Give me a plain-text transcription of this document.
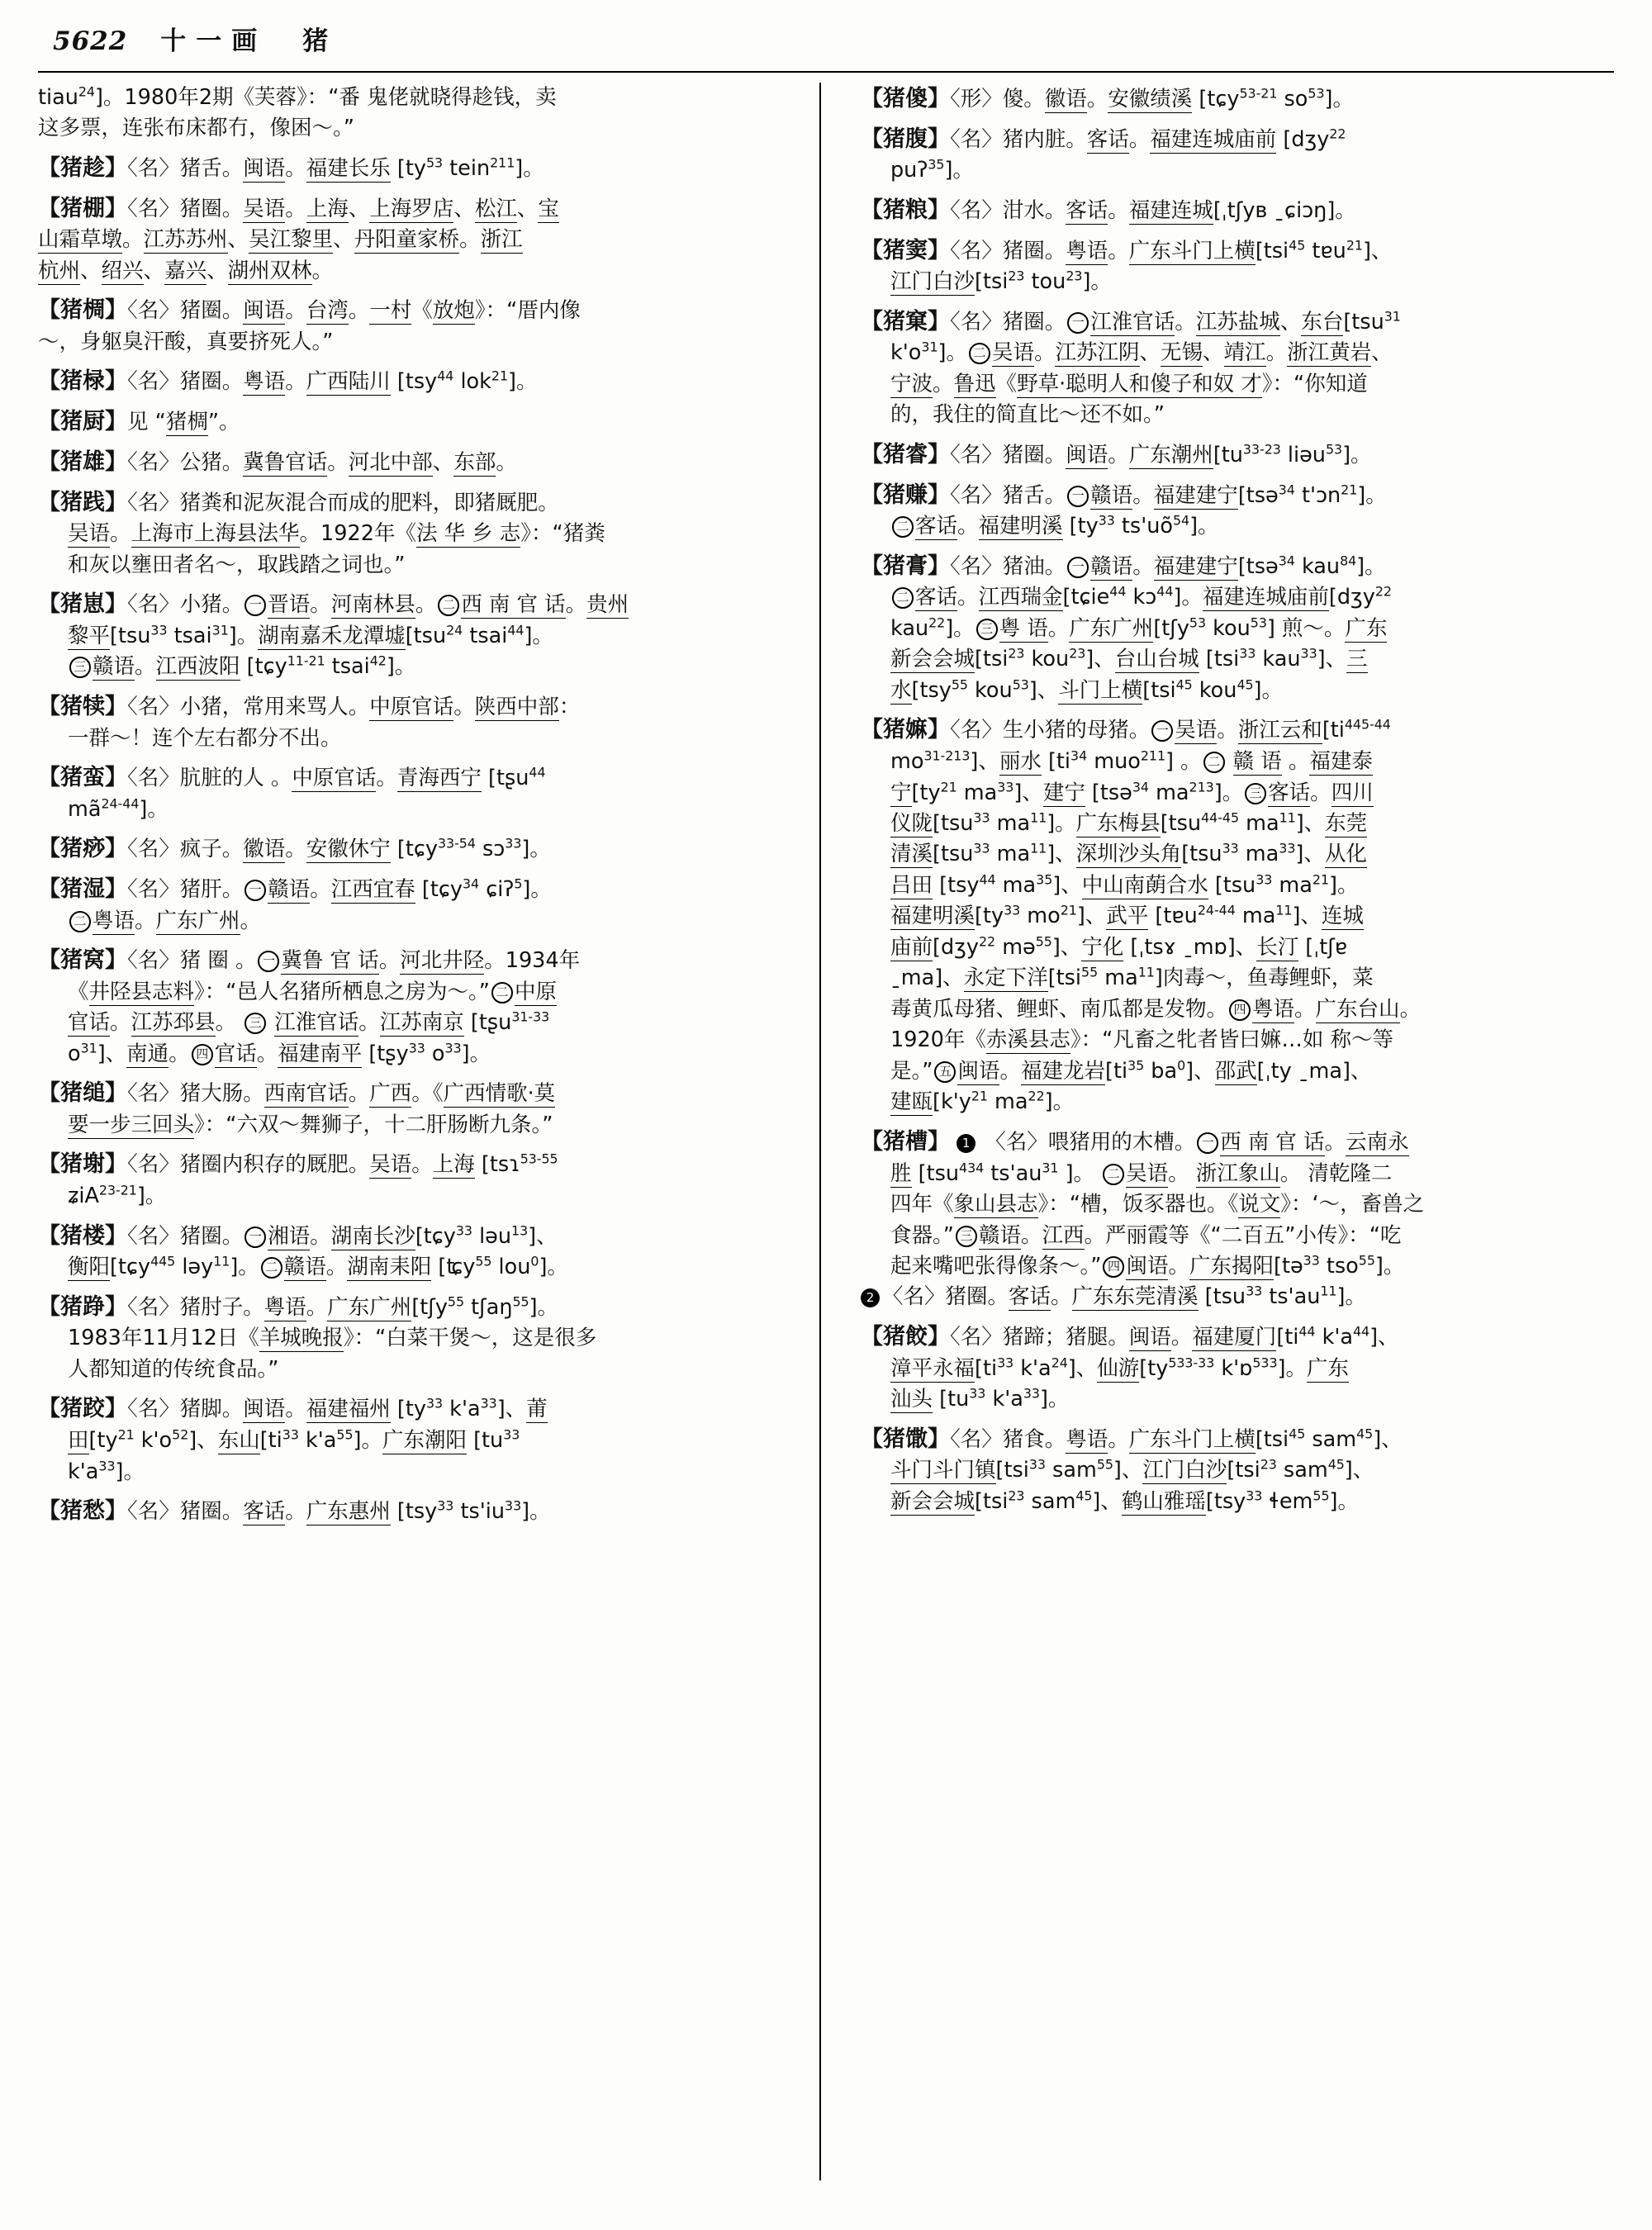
5622 十一画　猪
tiau$^{24}$]。1980年2期《芙蓉》：“番 鬼佬就晓得趁钱，卖
这多票，连张布床都冇，像困～。”
【猪趁】〈名〉猪舌。闽语。福建长乐 [$ty^{53}$ tein$^{211}$]。
【猪棚】〈名〉猪圈。吴语。上海、上海罗店、松江、宝
山霜草墩。江苏苏州、吴江黎里、丹阳童家桥。浙江
杭州、绍兴、嘉兴、湖州双林。
【猪椆】〈名〉猪圈。闽语。台湾。一村《放炮》：“厝内像
～，身躯臭汗酸，真要挤死人。”
【猪椂】〈名〉猪圈。粤语。广西陆川 [tsy$^{44}$ lok$^{21}$]。
【猪厨】见 “猪椆”。
【猪雄】〈名〉公猪。冀鲁官话。河北中部、东部。
【猪践】〈名〉猪粪和泥灰混合而成的肥料，即猪厩肥。
吴语。上海市上海县法华。1922年《法 华 乡 志》：“猪粪
和灰以壅田者名～，取践踏之词也。”
【猪崽】〈名〉小猪。 一 晋语。河南林县。 二 西 南 官 话。贵州
黎平[tsu$^{33}$ tsai$^{31}$]。湖南嘉禾龙潭墟[tsu$^{24}$ tsai$^{44}$]。
三 赣语。江西波阳 [tɕy$^{11-21}$ tsai$^{42}$]。
【猪犊】〈名〉小猪，常用来骂人。中原官话。陕西中部：
一群～！连个左右都分不出。
【猪蛮】〈名〉肮脏的人 。中原官话。青海西宁 [tʂu$^{44}$
$mã^{24-44}$]。
【猪痧】〈名〉疯子。徽语。安徽休宁 [tɕy$^{33-54}$ sɔ$^{33}$]。
【猪湿】〈名〉猪肝。 一 赣语。江西宜春 [tɕy$^{34}$ ɕiʔ$^5$]。
二 粤语。广东广州。
【猪窝】〈名〉猪 圈 。 一 冀鲁 官 话。河北井陉。1934年
《井陉县志料》：“邑人名猪所栖息之房为～。” 二 中原
官话。江苏邳县。 三 江淮官话。江苏南京 [tʂu$^{31-33}$
$o^{31}$]、南通。 四 官话。福建南平 [tʂy$^{33}$ $o^{33}$]。
【猪缒】〈名〉猪大肠。西南官话。广西。《广西情歌·莫
要一步三回头》：“六双～舞狮子，十二肝肠断九条。”
【猪塮】〈名〉猪圈内积存的厩肥。吴语。上海 [tsɿ$^{53-55}$
ʑiA$^{23-21}$]。
【猪楼】〈名〉猪圈。 一 湘语。湖南长沙[tɕy$^{33}$ ləu$^{13}$]、
衡阳[tɕy$^{445}$ ləy$^{11}$]。 二 赣语。湖南耒阳 [ʨy$^{55}$ lou$^0$]。
【猪踭】〈名〉猪肘子。粤语。广东广州[tʃy$^{55}$ tʃaŋ$^{55}$]。
1983年11月12日《羊城晚报》：“白菜干煲～，这是很多
人都知道的传统食品。”
【猪跤】〈名〉猪脚。闽语。福建福州 [$ty^{33}$ $k'a^{33}$]、莆
田[$ty^{21}$ $k'o^{52}$]、东山[$ti^{33}$ $k'a^{55}$]。广东潮阳 [$tu^{33}$
$k'a^{33}$]。
【猪愁】〈名〉猪圈。客话。广东惠州 [tsy$^{33}$ $ts'iu^{33}$]。
【猪傻】〈形〉傻。徽语。安徽绩溪 [tɕy$^{53-21}$ $so^{53}$]。
【猪腹】〈名〉猪内脏。客话。福建连城庙前 [dʒy$^{22}$
puʔ$^{35}$]。
【猪粮】〈名〉泔水。客话。福建连城[ˌtʃyʙ ˍɕiɔŋ]。
【猪窦】〈名〉猪圈。粤语。广东斗门上横[tsi$^{45}$ tɐu$^{21}$]、
江门白沙[tsi$^{23}$ tou$^{23}$]。
【猪窠】〈名〉猪圈。 一 江淮官话。江苏盐城、东台[tsu$^{31}$
$k'o^{31}$]。 二 吴语。江苏江阴、无锡、靖江。浙江黄岩、
宁波。鲁迅《野草·聪明人和傻子和奴 才》：“你知道
的，我住的简直比～还不如。”
【猪睿】〈名〉猪圈。闽语。广东潮州[$tu^{33-23}$ liəu$^{53}$]。
【猪赚】〈名〉猪舌。 一 赣语。福建建宁[tsə$^{34}$ t'ɔn$^{21}$]。
二 客话。福建明溪 [$ty^{33}$ $ts'uõ^{54}$]。
【猪膏】〈名〉猪油。 一 赣语。福建建宁[tsə$^{34}$ kau$^{84}$]。
二 客话。江西瑞金[tɕie$^{44}$ kɔ$^{44}$]。福建连城庙前[dʒy$^{22}$
kau$^{22}$]。 三 粤 语。广东广州[tʃy$^{53}$ kou$^{53}$] 煎～。广东
新会会城[tsi$^{23}$ kou$^{23}$]、台山台城 [tsi$^{33}$ kau$^{33}$]、三
水[tsy$^{55}$ kou$^{53}$]、斗门上横[tsi$^{45}$ kou$^{45}$]。
【猪嫲】〈名〉生小猪的母猪。 一 吴语。浙江云和[$ti^{445-44}$
$mo^{31-213}$]、丽水 [$ti^{34}$ muo$^{211}$] 。 二 赣 语 。福建泰
宁[$ty^{21}$ $ma^{33}$]、建宁 [tsə$^{34}$ $ma^{213}$]。 三 客话。四川
仪陇[tsu$^{33}$ $ma^{11}$]。广东梅县[tsu$^{44-45}$ $ma^{11}$]、东莞
清溪[tsu$^{33}$ $ma^{11}$]、深圳沙头角[tsu$^{33}$ $ma^{33}$]、从化
吕田 [tsy$^{44}$ $ma^{35}$]、中山南蓢合水 [tsu$^{33}$ $ma^{21}$]。
福建明溪[$ty^{33}$ $mo^{21}$]、武平 [tɐu$^{24-44}$ $ma^{11}$]、连城
庙前[dʒy$^{22}$ mə$^{55}$]、宁化 [ˌtsɤ ˍmɒ]、长汀 [ˌtʃɐ
ˍma]、永定下洋[tsi$^{55}$ $ma^{11}$]肉毒～，鱼毒鲤虾，菜
毒黄瓜母猪、鲤虾、南瓜都是发物。 四 粤语。广东台山。
1920年《赤溪县志》：“凡畜之牝者皆曰嫲…如 称～等
是。” 五 闽语。福建龙岩[$ti^{35}$ $ba^0$]、邵武[ˌty ˍma]、
建瓯[$k'y^{21}$ $ma^{22}$]。
【猪槽】 1 〈名〉喂猪用的木槽。 一 西 南 官 话。云南永
胜 [tsu$^{434}$ $ts'au^{31}$ ]。 二 吴语。 浙江象山。 清乾隆二
四年《象山县志》：“槽，饭豕器也。《说文》：‘～，畜兽之
食器。” 三 赣语。江西。严丽霞等《“二百五”小传》：“吃
起来嘴吧张得像条～。” 四 闽语。广东揭阳[tə$^{33}$ tso$^{55}$]。
2 〈名〉猪圈。客话。广东东莞清溪 [tsu$^{33}$ $ts'au^{11}$]。
【猪餃】〈名〉猪蹄；猪腿。闽语。福建厦门[$ti^{44}$ $k'a^{44}$]、
漳平永福[$ti^{33}$ $k'a^{24}$]、仙游[$ty^{533-33}$ k'ɒ$^{533}$]。广东
汕头 [$tu^{33}$ $k'a^{33}$]。
【猪馓】〈名〉猪食。粤语。广东斗门上横[tsi$^{45}$ sam$^{45}$]、
斗门斗门镇[tsi$^{33}$ sam$^{55}$]、江门白沙[tsi$^{23}$ sam$^{45}$]、
新会会城[tsi$^{23}$ sam$^{45}$]、鹤山雅瑶[tsy$^{33}$ ɬem$^{55}$]。
